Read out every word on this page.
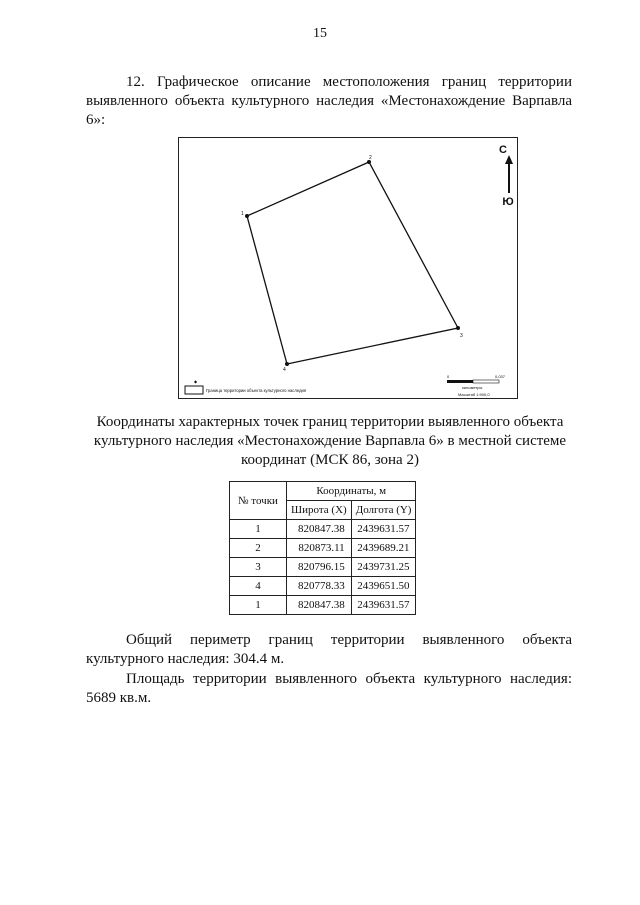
15
12. Графическое описание местоположения границ территории выявленного объекта культурного наследия «Местонахождение Варпавла 6»:
1
2
3
4
С
Ю
◆
Граница территории объекта культурного наследия
0	0,037
километры
Масштаб 1:900,0
Координаты характерных точек границ территории выявленного объекта культурного наследия «Местонахождение Варпавла 6» в местной системе координат (МСК 86, зона 2)
№ точки	Координаты, м	
	Широта (X)	Долгота (Y)
1	820847.38	2439631.57
2	820873.11	2439689.21
3	820796.15	2439731.25
4	820778.33	2439651.50
1	820847.38	2439631.57
Общий периметр границ территории выявленного объекта культурного наследия: 304.4 м.
Площадь территории выявленного объекта культурного наследия: 5689 кв.м.
